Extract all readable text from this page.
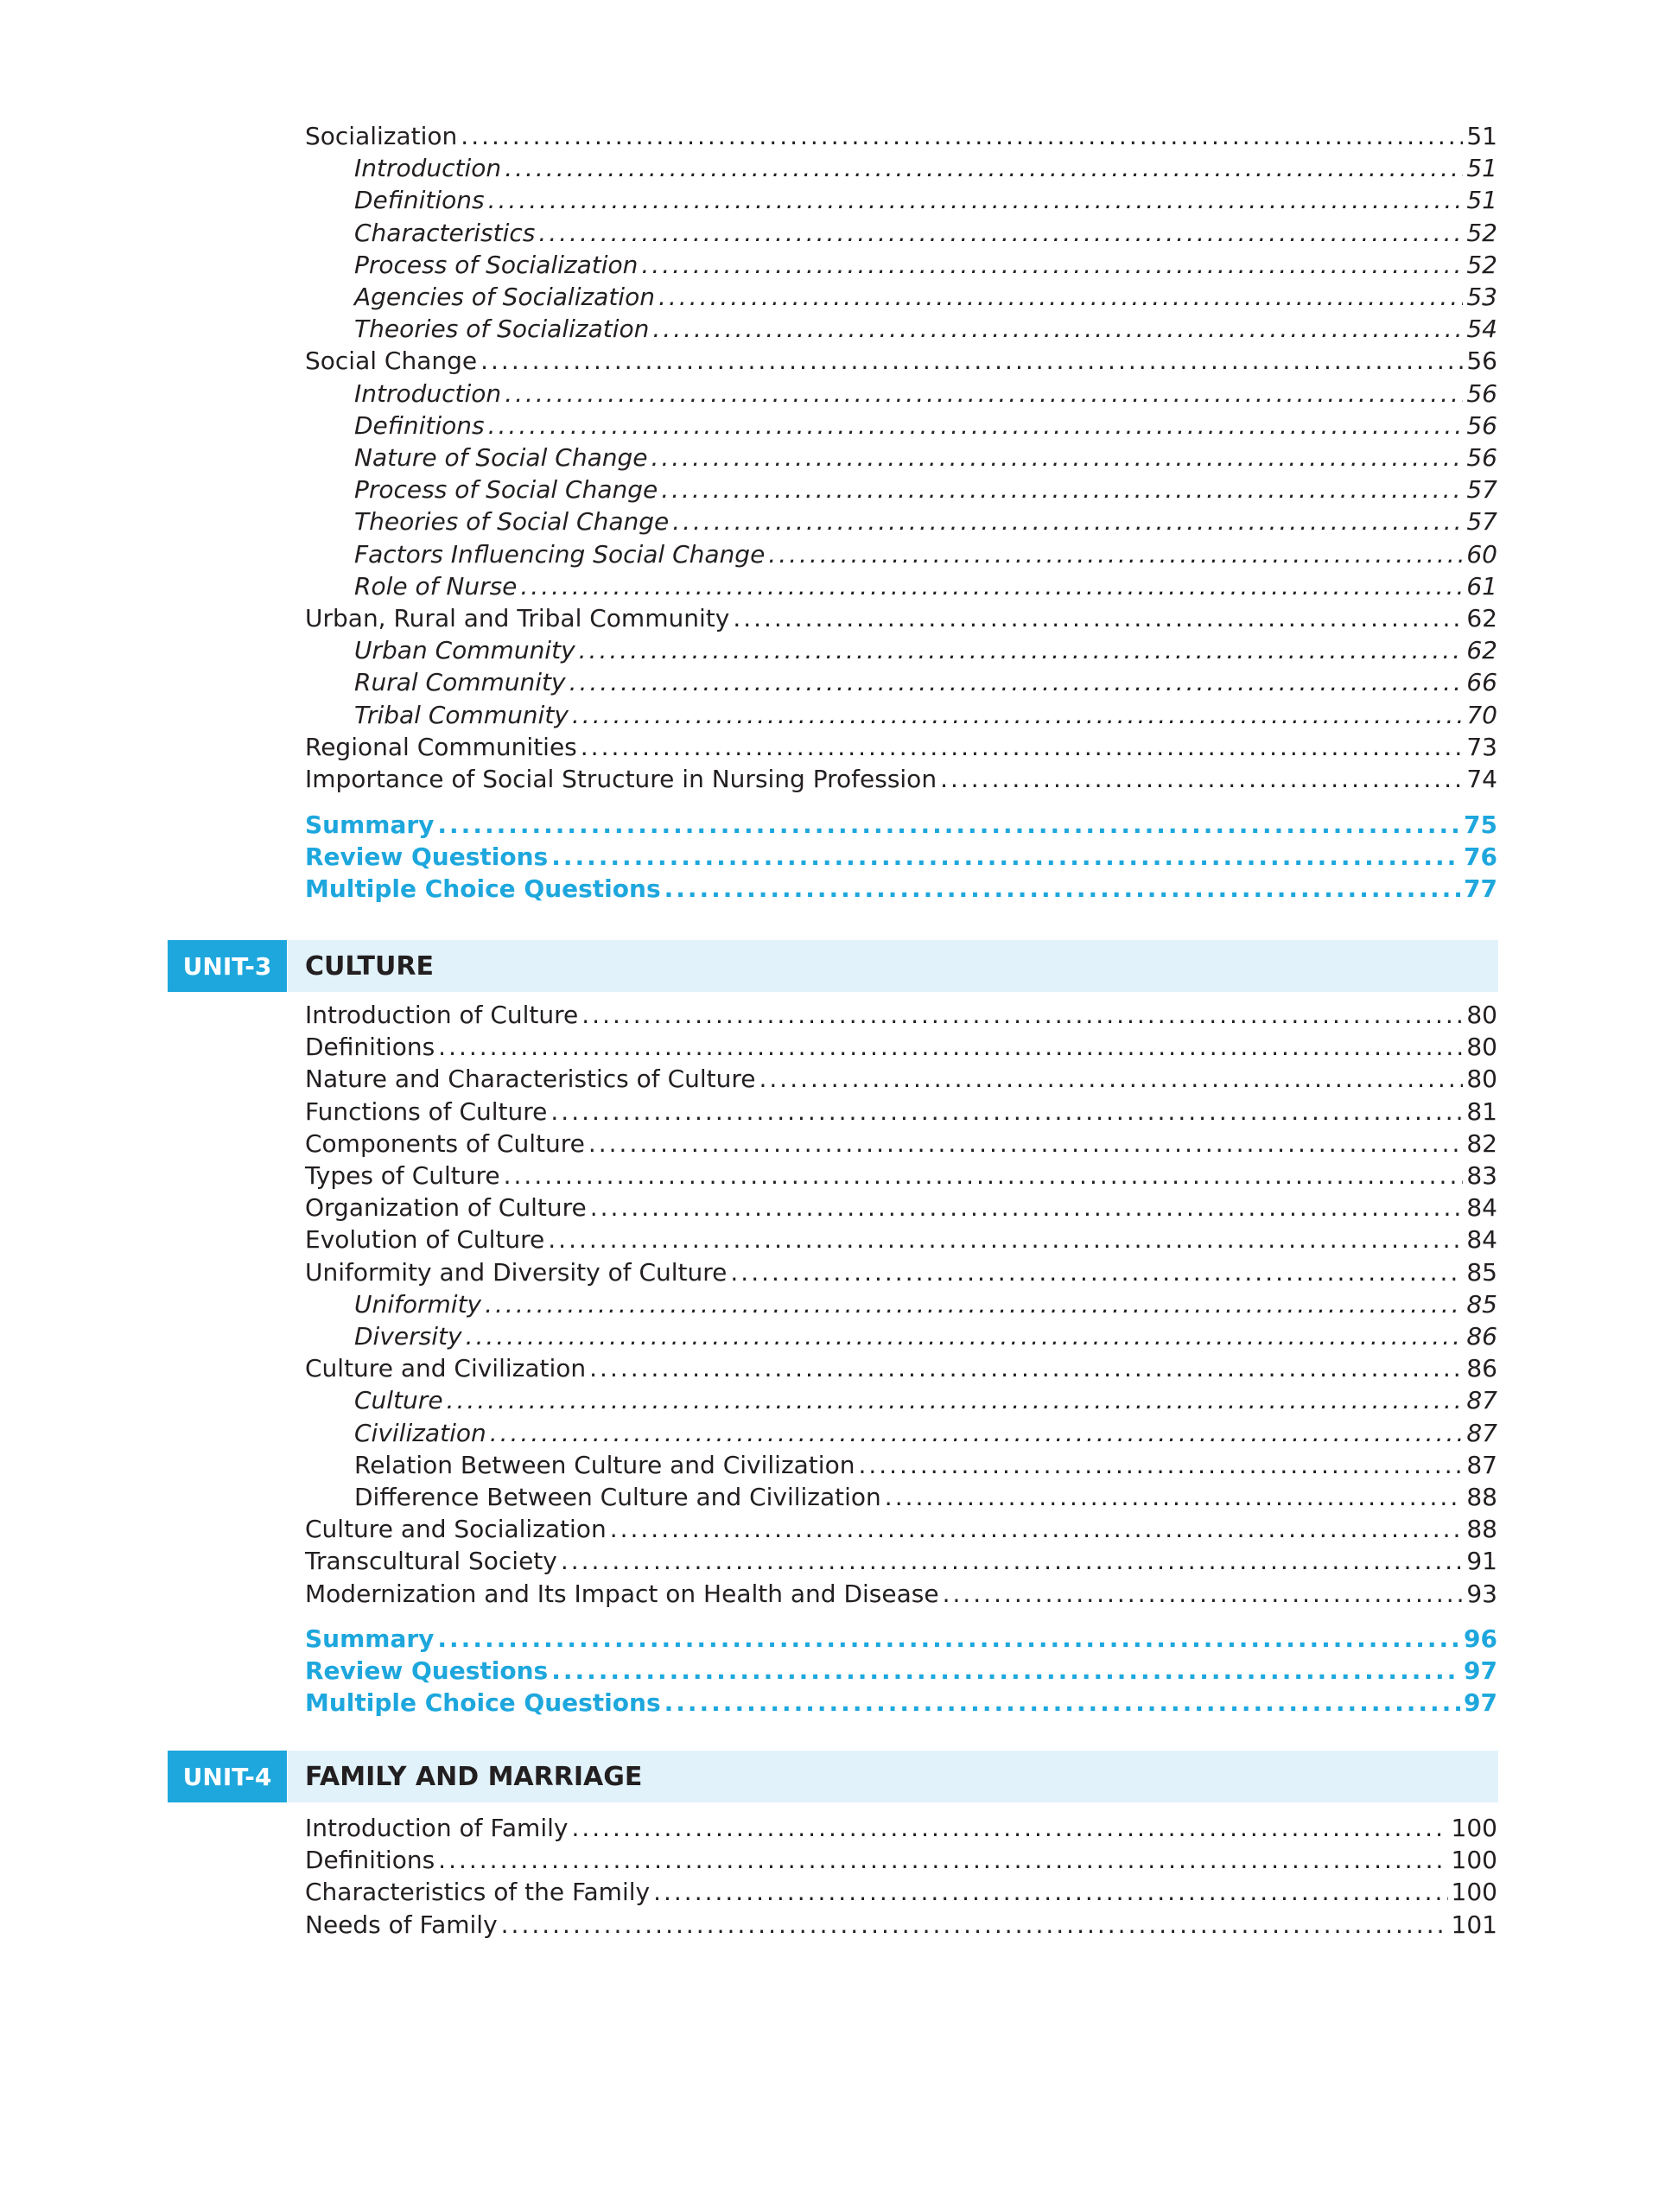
UNIT-3	CULTURE
UNIT-4	FAMILY AND MARRIAGE
Socialization .....	51
Introduction .....	51
Definitions .....	51
Characteristics .....	52
Process of Socialization .....	52
Agencies of Socialization .....	53
Theories of Socialization .....	54
Social Change .....	56
Introduction .....	56
Definitions .....	56
Nature of Social Change .....	56
Process of Social Change .....	57
Theories of Social Change .....	57
Factors Influencing Social Change .....	60
Role of Nurse .....	61
Urban, Rural and Tribal Community .....	62
Urban Community .....	62
Rural Community .....	66
Tribal Community .....	70
Regional Communities .....	73
Importance of Social Structure in Nursing Profession .....	74
Summary .....	75
Review Questions .....	76
Multiple Choice Questions .....	77
Introduction of Culture .....	80
Definitions .....	80
Nature and Characteristics of Culture .....	80
Functions of Culture .....	81
Components of Culture .....	82
Types of Culture .....	83
Organization of Culture .....	84
Evolution of Culture .....	84
Uniformity and Diversity of Culture .....	85
Uniformity .....	85
Diversity .....	86
Culture and Civilization .....	86
Culture .....	87
Civilization .....	87
Relation Between Culture and Civilization .....	87
Difference Between Culture and Civilization .....	88
Culture and Socialization .....	88
Transcultural Society .....	91
Modernization and Its Impact on Health and Disease .....	93
Summary .....	96
Review Questions .....	97
Multiple Choice Questions .....	97
Introduction of Family .....	100
Definitions .....	100
Characteristics of the Family .....	100
Needs of Family .....	101
